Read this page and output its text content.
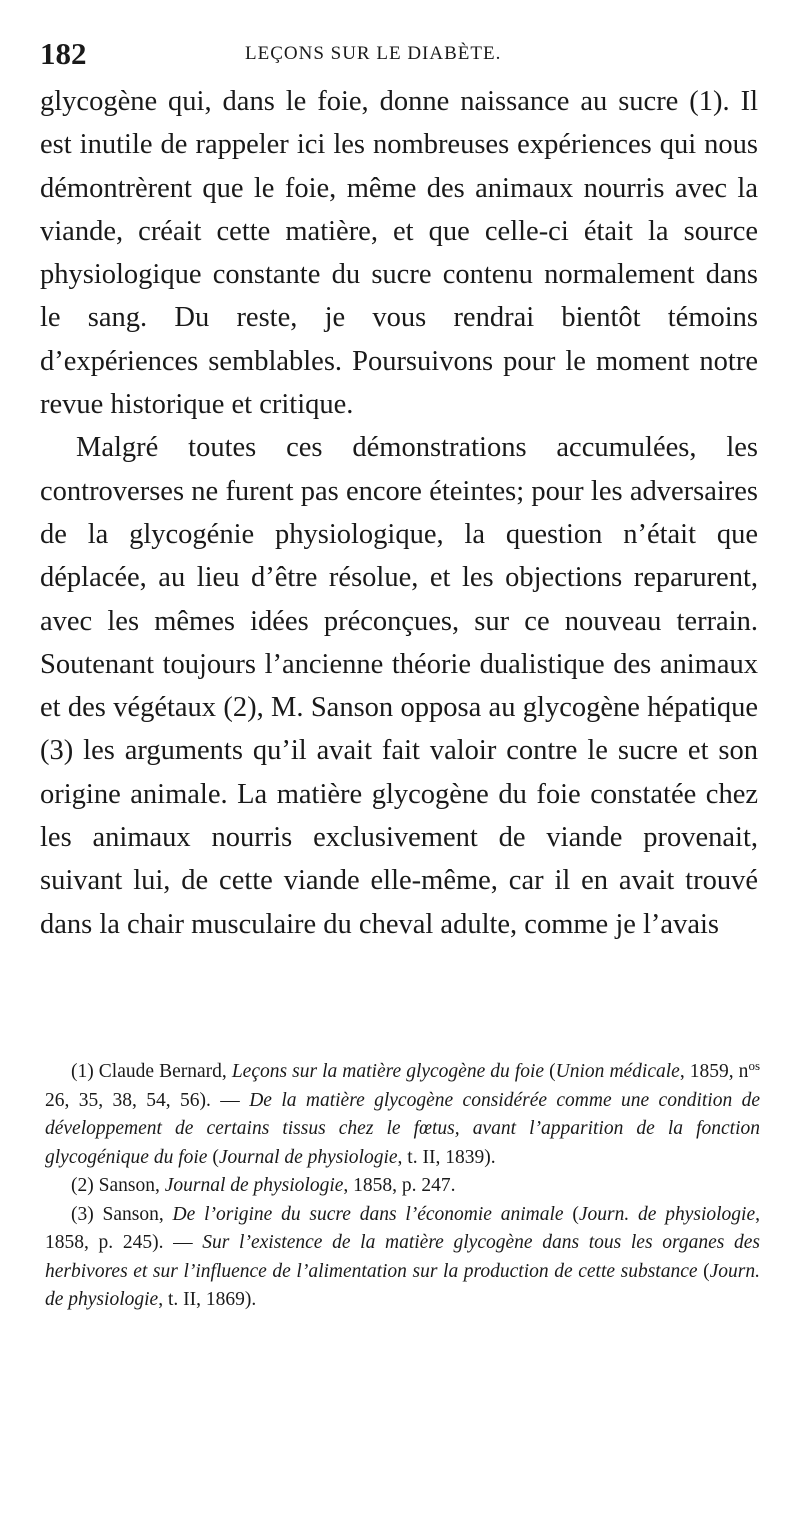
182	LEÇONS SUR LE DIABÈTE.

glycogène qui, dans le foie, donne naissance au sucre (1). Il est inutile de rappeler ici les nombreuses expériences qui nous démontrèrent que le foie, même des animaux nourris avec la viande, créait cette matière, et que celle-ci était la source physiologique constante du sucre contenu normalement dans le sang. Du reste, je vous rendrai bientôt témoins d’expériences semblables. Poursuivons pour le moment notre revue historique et critique.

Malgré toutes ces démonstrations accumulées, les controverses ne furent pas encore éteintes; pour les adversaires de la glycogénie physiologique, la question n’était que déplacée, au lieu d’être résolue, et les objections reparurent, avec les mêmes idées préconçues, sur ce nouveau terrain. Soutenant toujours l’ancienne théorie dualistique des animaux et des végétaux (2), M. Sanson opposa au glycogène hépatique (3) les arguments qu’il avait fait valoir contre le sucre et son origine animale. La matière glycogène du foie constatée chez les animaux nourris exclusivement de viande provenait, suivant lui, de cette viande elle-même, car il en avait trouvé dans la chair musculaire du cheval adulte, comme je l’avais

(1) Claude Bernard, Leçons sur la matière glycogène du foie (Union médicale, 1859, $n^{os}$ 26, 35, 38, 54, 56). — De la matière glycogène considérée comme une condition de développement de certains tissus chez le fœtus, avant l’apparition de la fonction glycogénique du foie (Journal de physiologie, t. II, 1839).

(2) Sanson, Journal de physiologie, 1858, p. 247.

(3) Sanson, De l’origine du sucre dans l’économie animale (Journ. de physiologie, 1858, p. 245). — Sur l’existence de la matière glycogène dans tous les organes des herbivores et sur l’influence de l’alimentation sur la production de cette substance (Journ. de physiologie, t. II, 1869).
